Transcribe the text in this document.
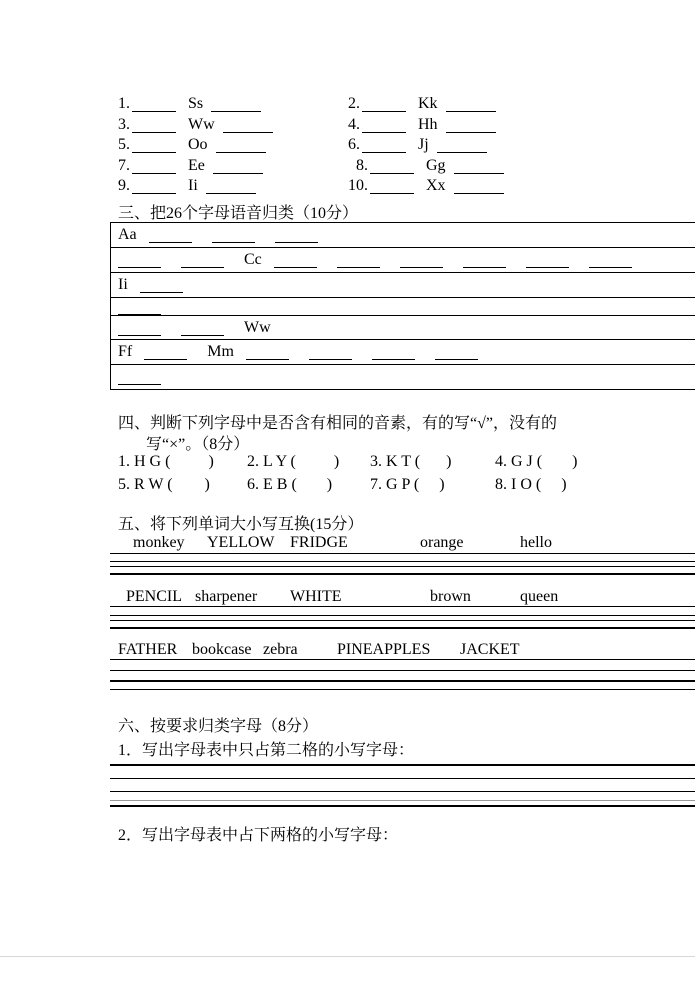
1.	Ss	2.	Kk
3.	Ww	4.	Hh
5.	Oo	6.	Jj
7.	Ee	8.	Gg
9.	Ii	10.	Xx
三、把26个字母语音归类（10分）
Aa
Cc
Ii
Ww
Ff	Mm
四、判断下列字母中是否含有相同的音素，有的写“√”，没有的
写“×”。（8分）
1. H G ( )	2. L Y ( )	3. K T ( )	4. G J ( )
5. R W ( )	6. E B ( )	7. G P ( )	8. I O ( )
五、将下列单词大小写互换(15分）
monkey YELLOW FRIDGE	orange	hello
PENCIL sharpener WHITE	brown	queen
FATHER bookcase zebra PINEAPPLES JACKET
六、按要求归类字母（8分）
1．写出字母表中只占第二格的小写字母：
2．写出字母表中占下两格的小写字母：
